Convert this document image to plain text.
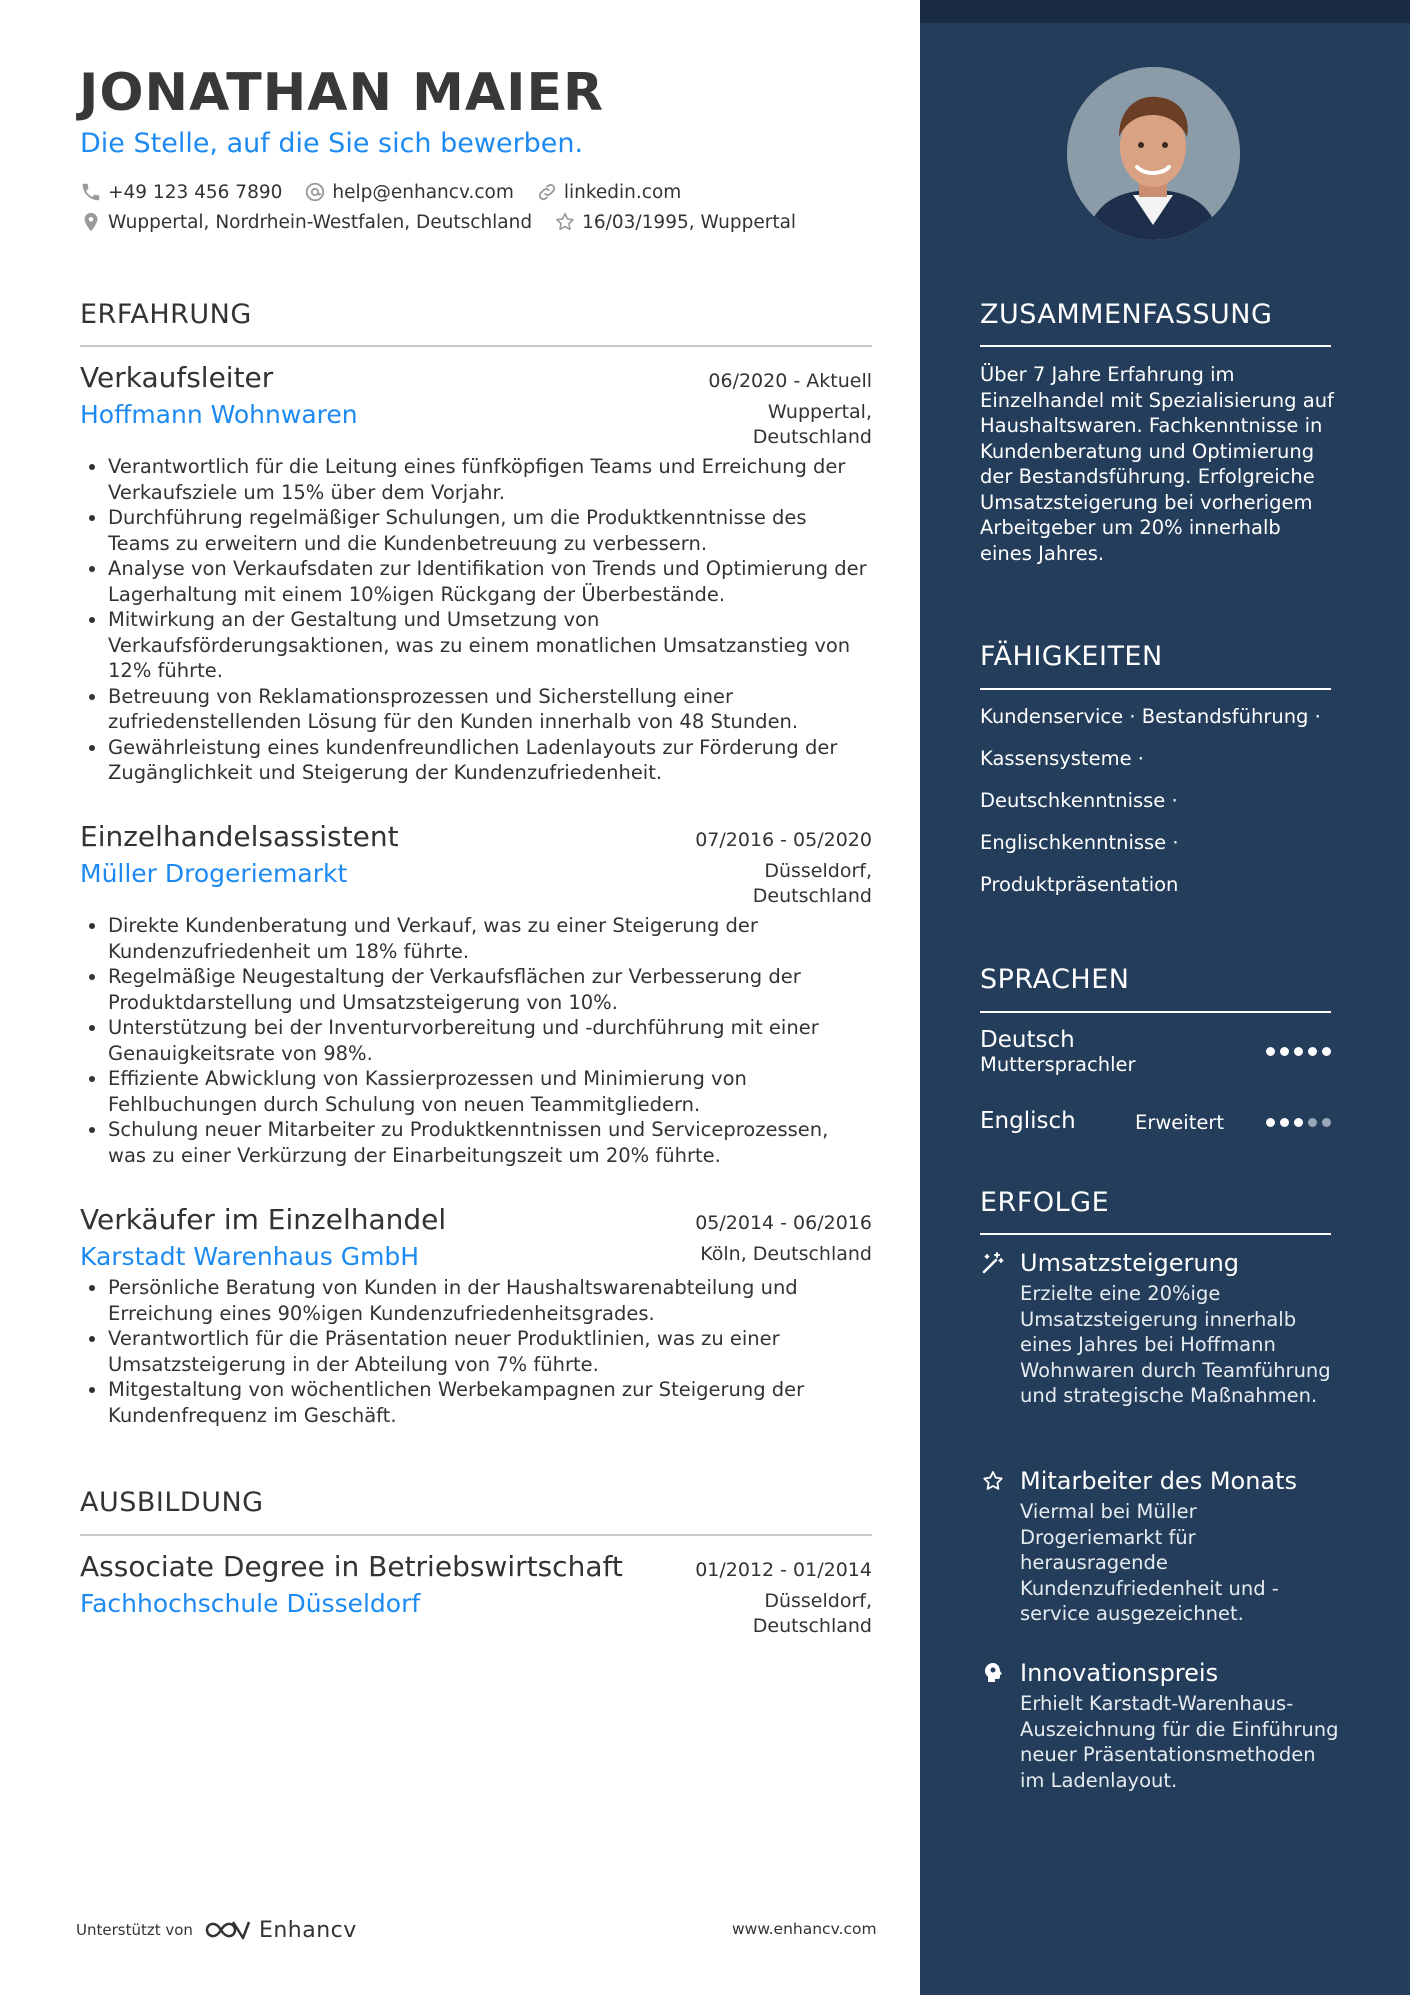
JONATHAN MAIER
Die Stelle, auf die Sie sich bewerben.
+49 123 456 7890	help@enhancv.com	linkedin.com
Wuppertal, Nordrhein-Westfalen, Deutschland	16/03/1995, Wuppertal
ERFAHRUNG
Verkaufsleiter	06/2020 - Aktuell
Hoffmann Wohnwaren	Wuppertal, Deutschland
• Verantwortlich für die Leitung eines fünfköpfigen Teams und Erreichung der Verkaufsziele um 15% über dem Vorjahr.
• Durchführung regelmäßiger Schulungen, um die Produktkenntnisse des Teams zu erweitern und die Kundenbetreuung zu verbessern.
• Analyse von Verkaufsdaten zur Identifikation von Trends und Optimierung der Lagerhaltung mit einem 10%igen Rückgang der Überbestände.
• Mitwirkung an der Gestaltung und Umsetzung von Verkaufsförderungsaktionen, was zu einem monatlichen Umsatzanstieg von 12% führte.
• Betreuung von Reklamationsprozessen und Sicherstellung einer zufriedenstellenden Lösung für den Kunden innerhalb von 48 Stunden.
• Gewährleistung eines kundenfreundlichen Ladenlayouts zur Förderung der Zugänglichkeit und Steigerung der Kundenzufriedenheit.
Einzelhandelsassistent	07/2016 - 05/2020
Müller Drogeriemarkt	Düsseldorf, Deutschland
• Direkte Kundenberatung und Verkauf, was zu einer Steigerung der Kundenzufriedenheit um 18% führte.
• Regelmäßige Neugestaltung der Verkaufsflächen zur Verbesserung der Produktdarstellung und Umsatzsteigerung von 10%.
• Unterstützung bei der Inventurvorbereitung und -durchführung mit einer Genauigkeitsrate von 98%.
• Effiziente Abwicklung von Kassierprozessen und Minimierung von Fehlbuchungen durch Schulung von neuen Teammitgliedern.
• Schulung neuer Mitarbeiter zu Produktkenntnissen und Serviceprozessen, was zu einer Verkürzung der Einarbeitungszeit um 20% führte.
Verkäufer im Einzelhandel	05/2014 - 06/2016
Karstadt Warenhaus GmbH	Köln, Deutschland
• Persönliche Beratung von Kunden in der Haushaltswarenabteilung und Erreichung eines 90%igen Kundenzufriedenheitsgrades.
• Verantwortlich für die Präsentation neuer Produktlinien, was zu einer Umsatzsteigerung in der Abteilung von 7% führte.
• Mitgestaltung von wöchentlichen Werbekampagnen zur Steigerung der Kundenfrequenz im Geschäft.
AUSBILDUNG
Associate Degree in Betriebswirtschaft	01/2012 - 01/2014
Fachhochschule Düsseldorf	Düsseldorf, Deutschland
Unterstützt von	Enhancv	www.enhancv.com
ZUSAMMENFASSUNG
Über 7 Jahre Erfahrung im Einzelhandel mit Spezialisierung auf Haushaltswaren. Fachkenntnisse in Kundenberatung und Optimierung der Bestandsführung. Erfolgreiche Umsatzsteigerung bei vorherigem Arbeitgeber um 20% innerhalb eines Jahres.
FÄHIGKEITEN
Kundenservice · Bestandsführung ·
Kassensysteme ·
Deutschkenntnisse ·
Englischkenntnisse ·
Produktpräsentation
SPRACHEN
Deutsch
Muttersprachler
Englisch	Erweitert
ERFOLGE
Umsatzsteigerung
Erzielte eine 20%ige Umsatzsteigerung innerhalb eines Jahres bei Hoffmann Wohnwaren durch Teamführung und strategische Maßnahmen.
Mitarbeiter des Monats
Viermal bei Müller Drogeriemarkt für herausragende Kundenzufriedenheit und -service ausgezeichnet.
Innovationspreis
Erhielt Karstadt-Warenhaus-Auszeichnung für die Einführung neuer Präsentationsmethoden im Ladenlayout.
